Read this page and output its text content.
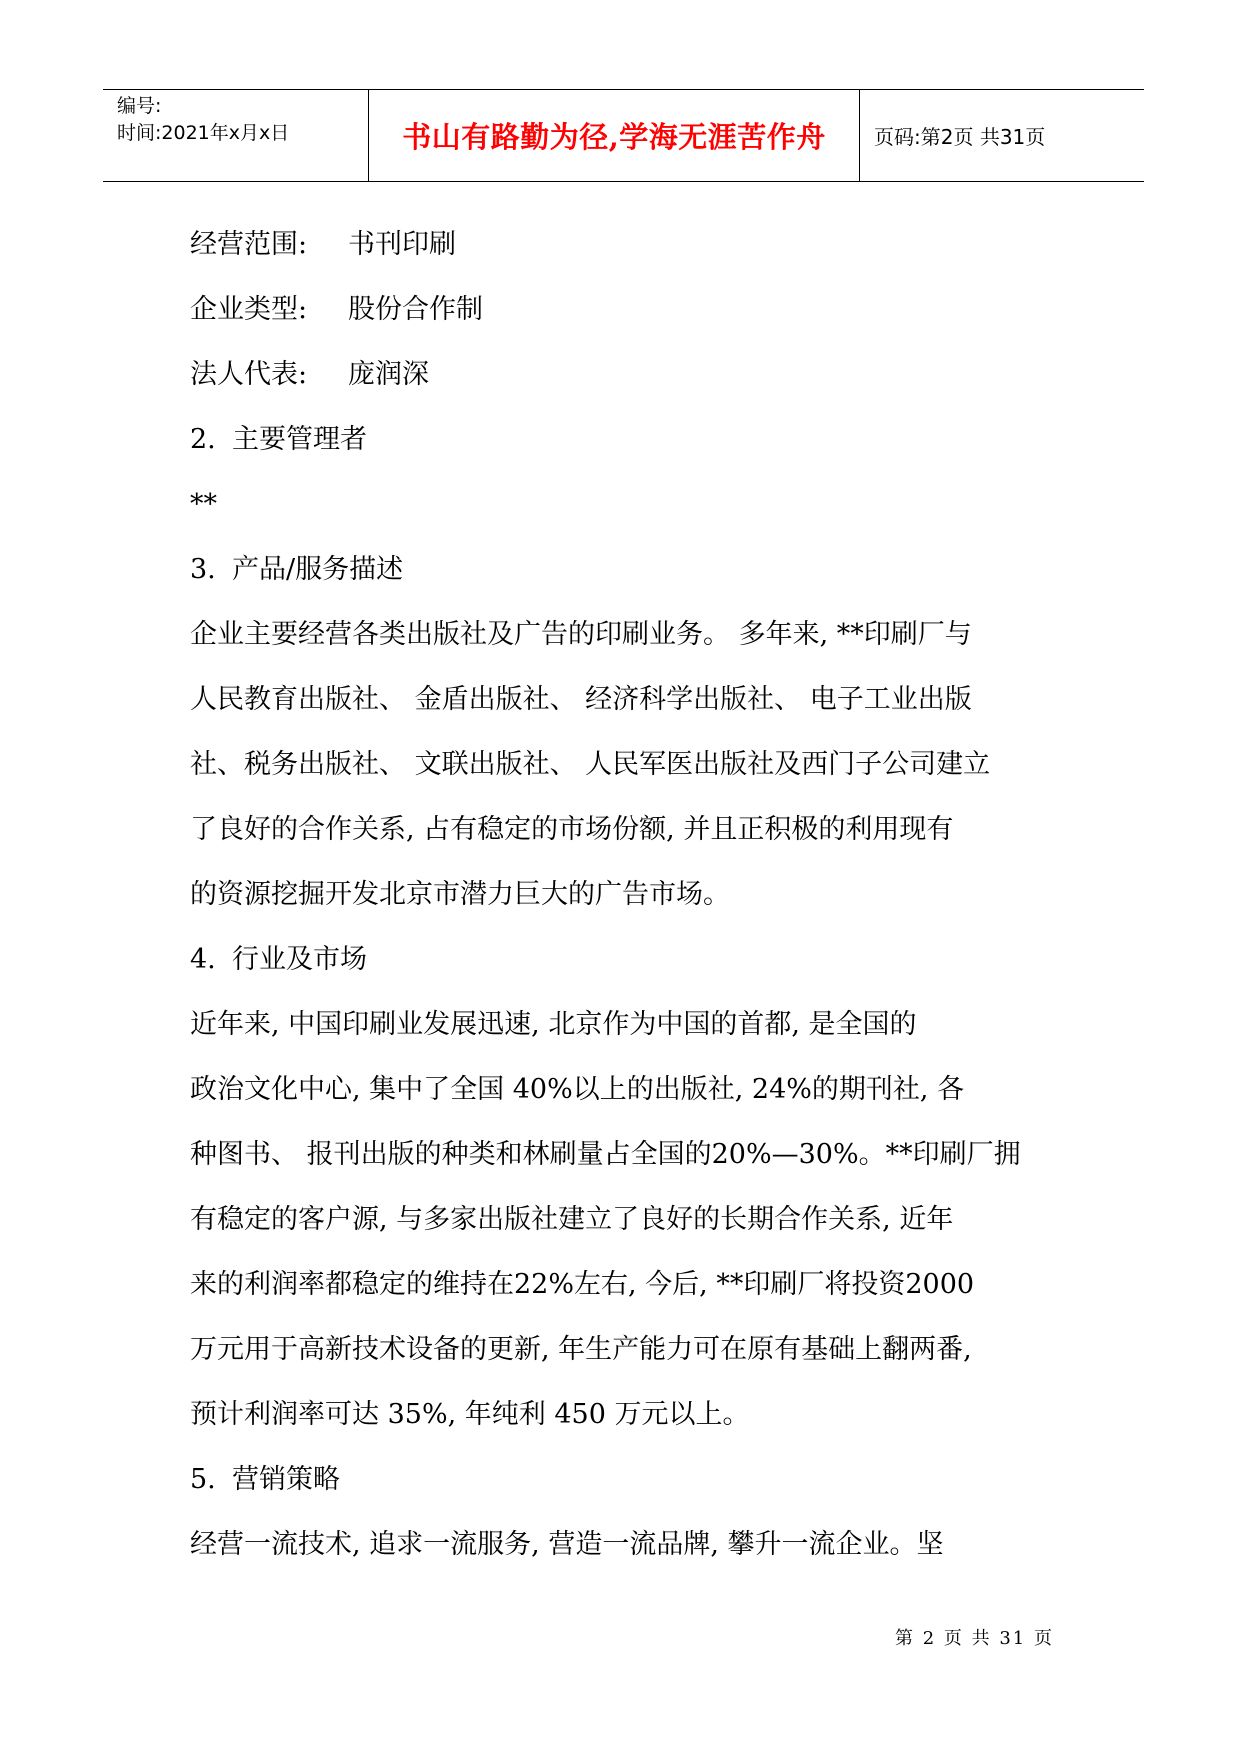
编号:
时间:2021年x月x日	书山有路勤为径,学海无涯苦作舟	页码:第2页 共31页
经营范围: 书刊印刷
企业类型: 股份合作制
法人代表: 庞润深
2. 主要管理者
**
3. 产品/服务描述
企业主要经营各类出版社及广告的印刷业务。 多年来, **印刷厂与
人民教育出版社、 金盾出版社、 经济科学出版社、 电子工业出版
社、税务出版社、 文联出版社、 人民军医出版社及西门子公司建立
了良好的合作关系, 占有稳定的市场份额, 并且正积极的利用现有
的资源挖掘开发北京市潜力巨大的广告市场。
4. 行业及市场
近年来, 中国印刷业发展迅速, 北京作为中国的首都, 是全国的
政治文化中心, 集中了全国 40%以上的出版社, 24%的期刊社, 各
种图书、 报刊出版的种类和林刷量占全国的20%—30%。**印刷厂拥
有稳定的客户源, 与多家出版社建立了良好的长期合作关系, 近年
来的利润率都稳定的维持在22%左右, 今后, **印刷厂将投资2000
万元用于高新技术设备的更新, 年生产能力可在原有基础上翻两番,
预计利润率可达 35%, 年纯利 450 万元以上。
5. 营销策略
经营一流技术, 追求一流服务, 营造一流品牌, 攀升一流企业。坚
第 2 页 共 31 页
